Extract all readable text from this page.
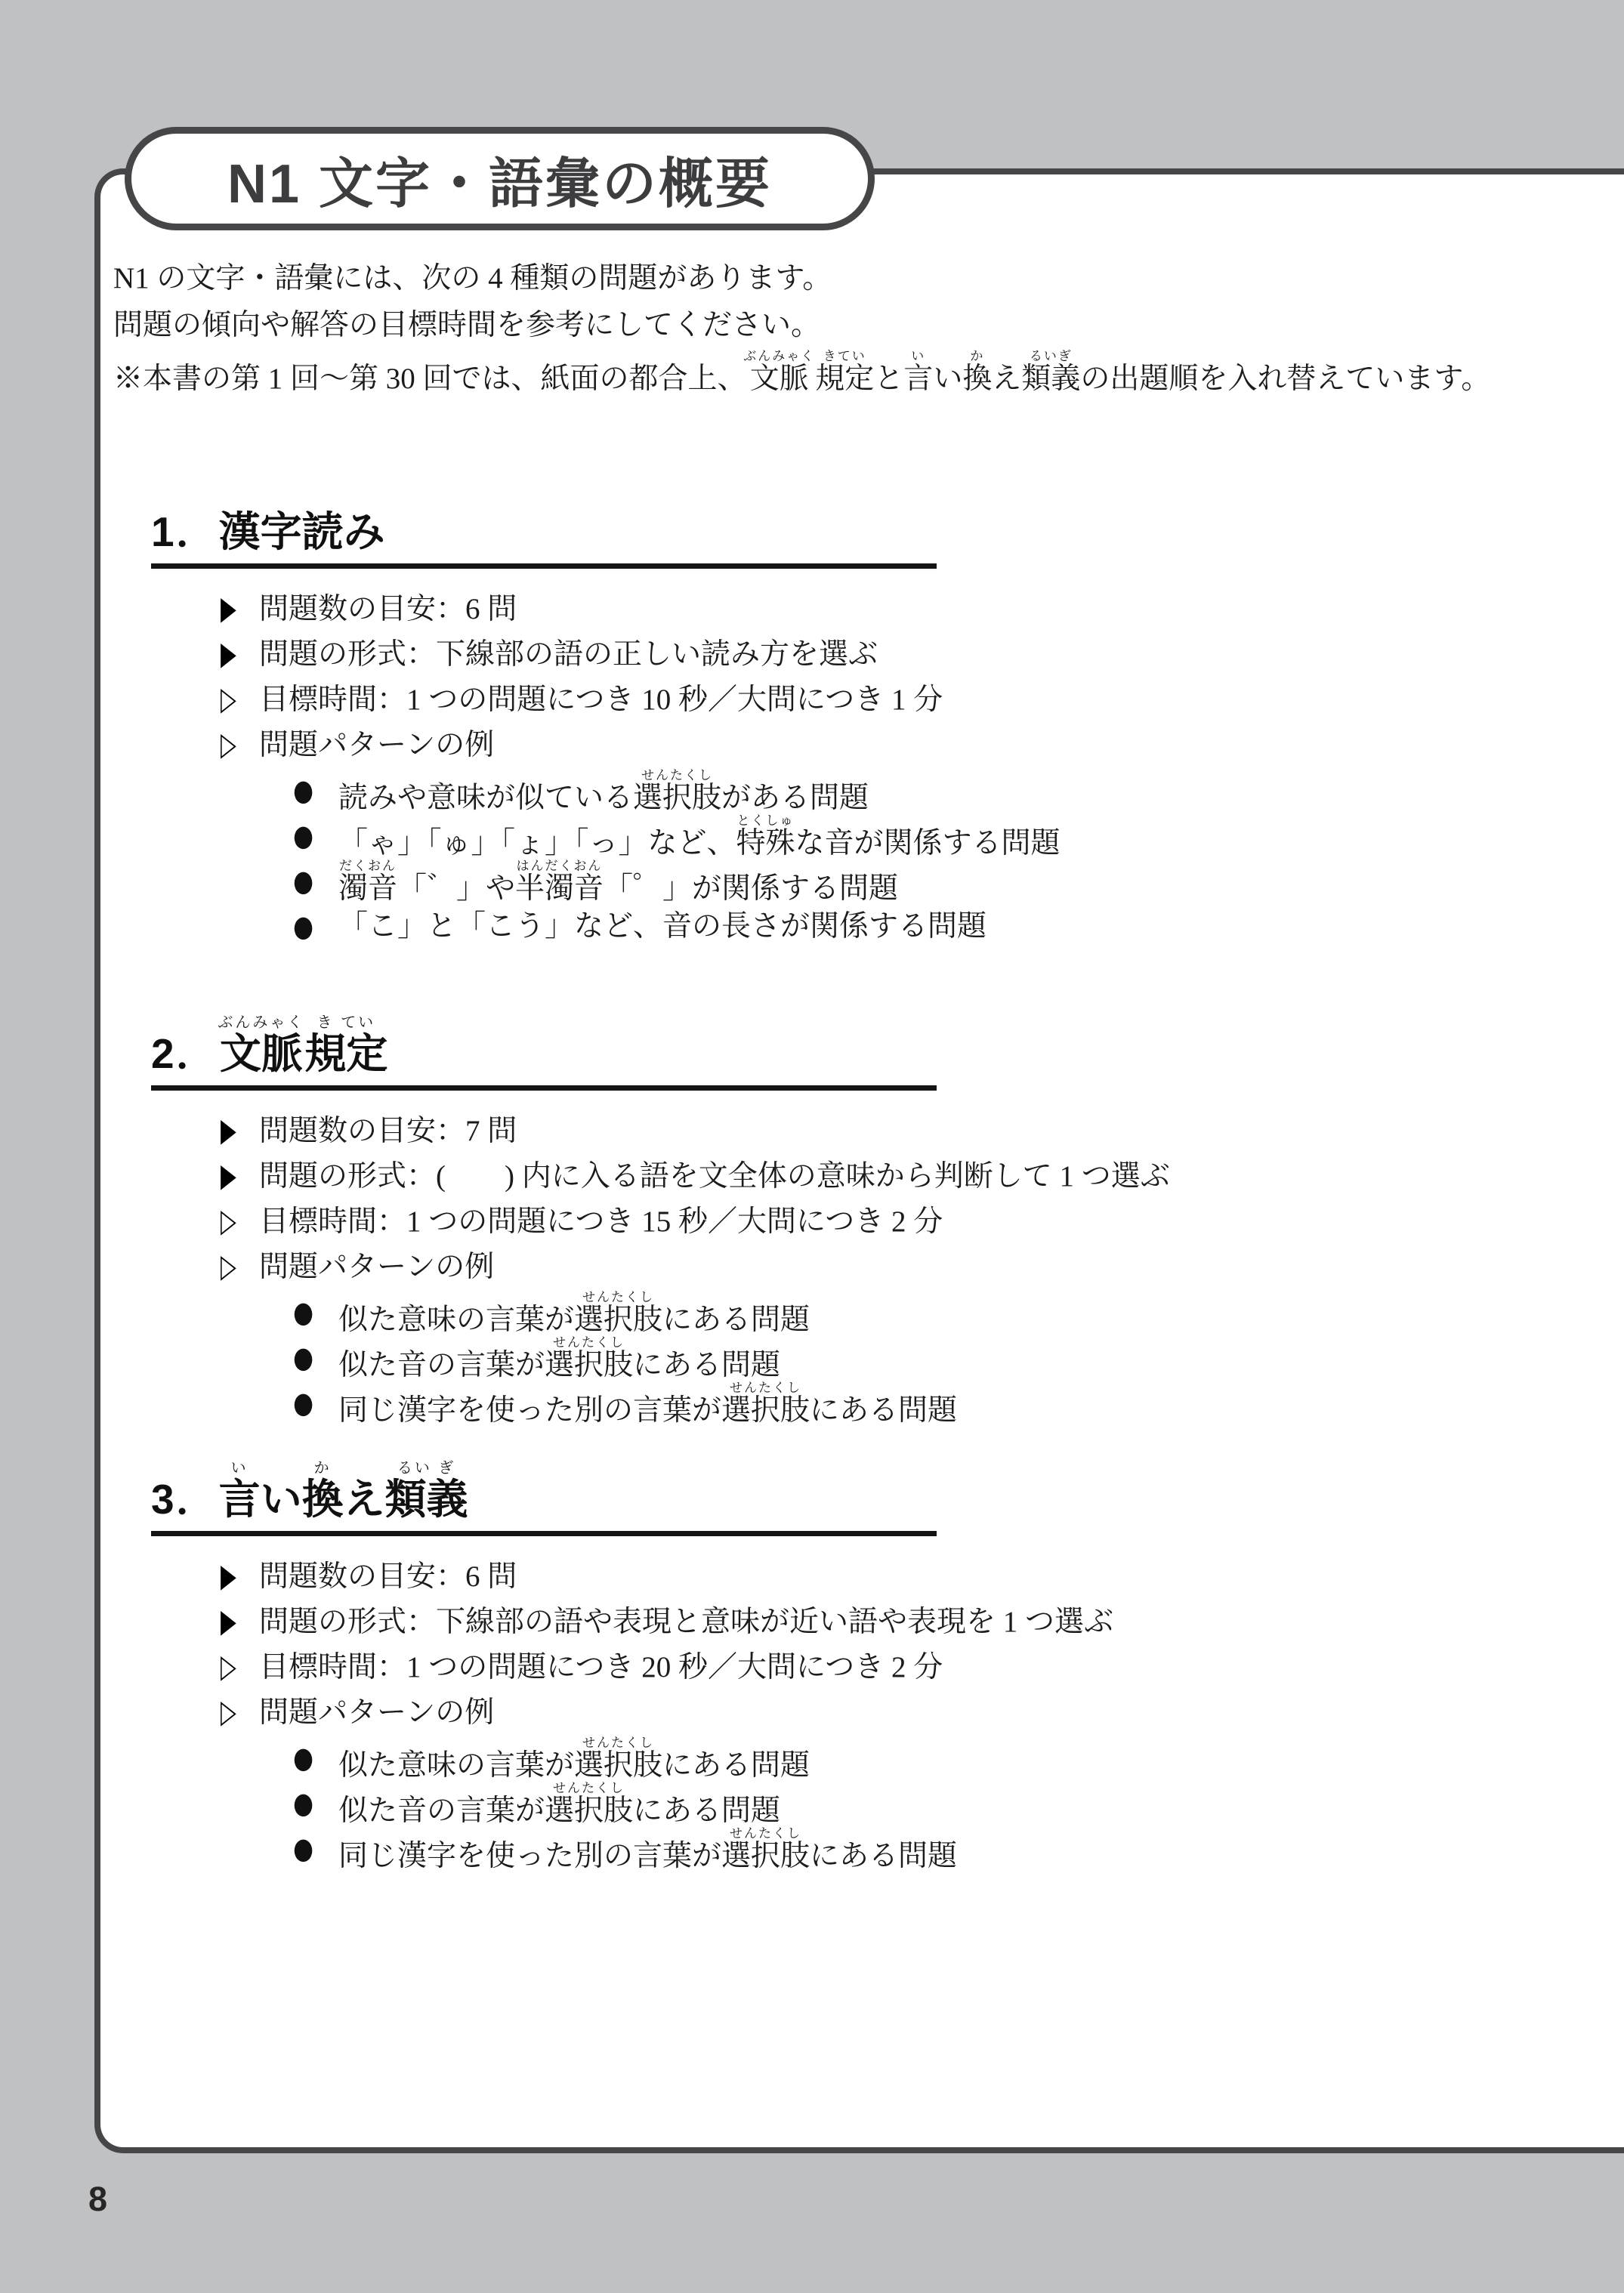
N1 文字・語彙の概要
N1 の文字・語彙には、次の 4 種類の問題があります。
問題の傾向や解答の目標時間を参考にしてください。
※本書の第 1 回〜第 30 回では、紙面の都合上、文脈ぶんみゃく規定きていと言いい換かえ類義るいぎの出題順を入れ替えています。
1．漢字読み
▶ 問題数の目安：6 問
▶ 問題の形式：下線部の語の正しい読み方を選ぶ
▷ 目標時間：1 つの問題につき 10 秒／大問につき 1 分
▷ 問題パターンの例
● 読みや意味が似ている選択肢せんたくしがある問題
● 「ゃ」「ゅ」「ょ」「っ」など、特殊とくしゅな音が関係する問題
● 濁音だくおん「゛」や半濁音はんだくおん「゜」が関係する問題
● 「こ」と「こう」など、音の長さが関係する問題
2．文脈ぶんみゃく規定き てい
▶ 問題数の目安：7 問
▶ 問題の形式：(　　) 内に入る語を文全体の意味から判断して 1 つ選ぶ
▷ 目標時間：1 つの問題につき 15 秒／大問につき 2 分
▷ 問題パターンの例
● 似た意味の言葉が選択肢せんたくしにある問題
● 似た音の言葉が選択肢せんたくしにある問題
● 同じ漢字を使った別の言葉が選択肢せんたくしにある問題
3．言いい換かえ類義るい ぎ
▶ 問題数の目安：6 問
▶ 問題の形式：下線部の語や表現と意味が近い語や表現を 1 つ選ぶ
▷ 目標時間：1 つの問題につき 20 秒／大問につき 2 分
▷ 問題パターンの例
● 似た意味の言葉が選択肢せんたくしにある問題
● 似た音の言葉が選択肢せんたくしにある問題
● 同じ漢字を使った別の言葉が選択肢せんたくしにある問題
8
